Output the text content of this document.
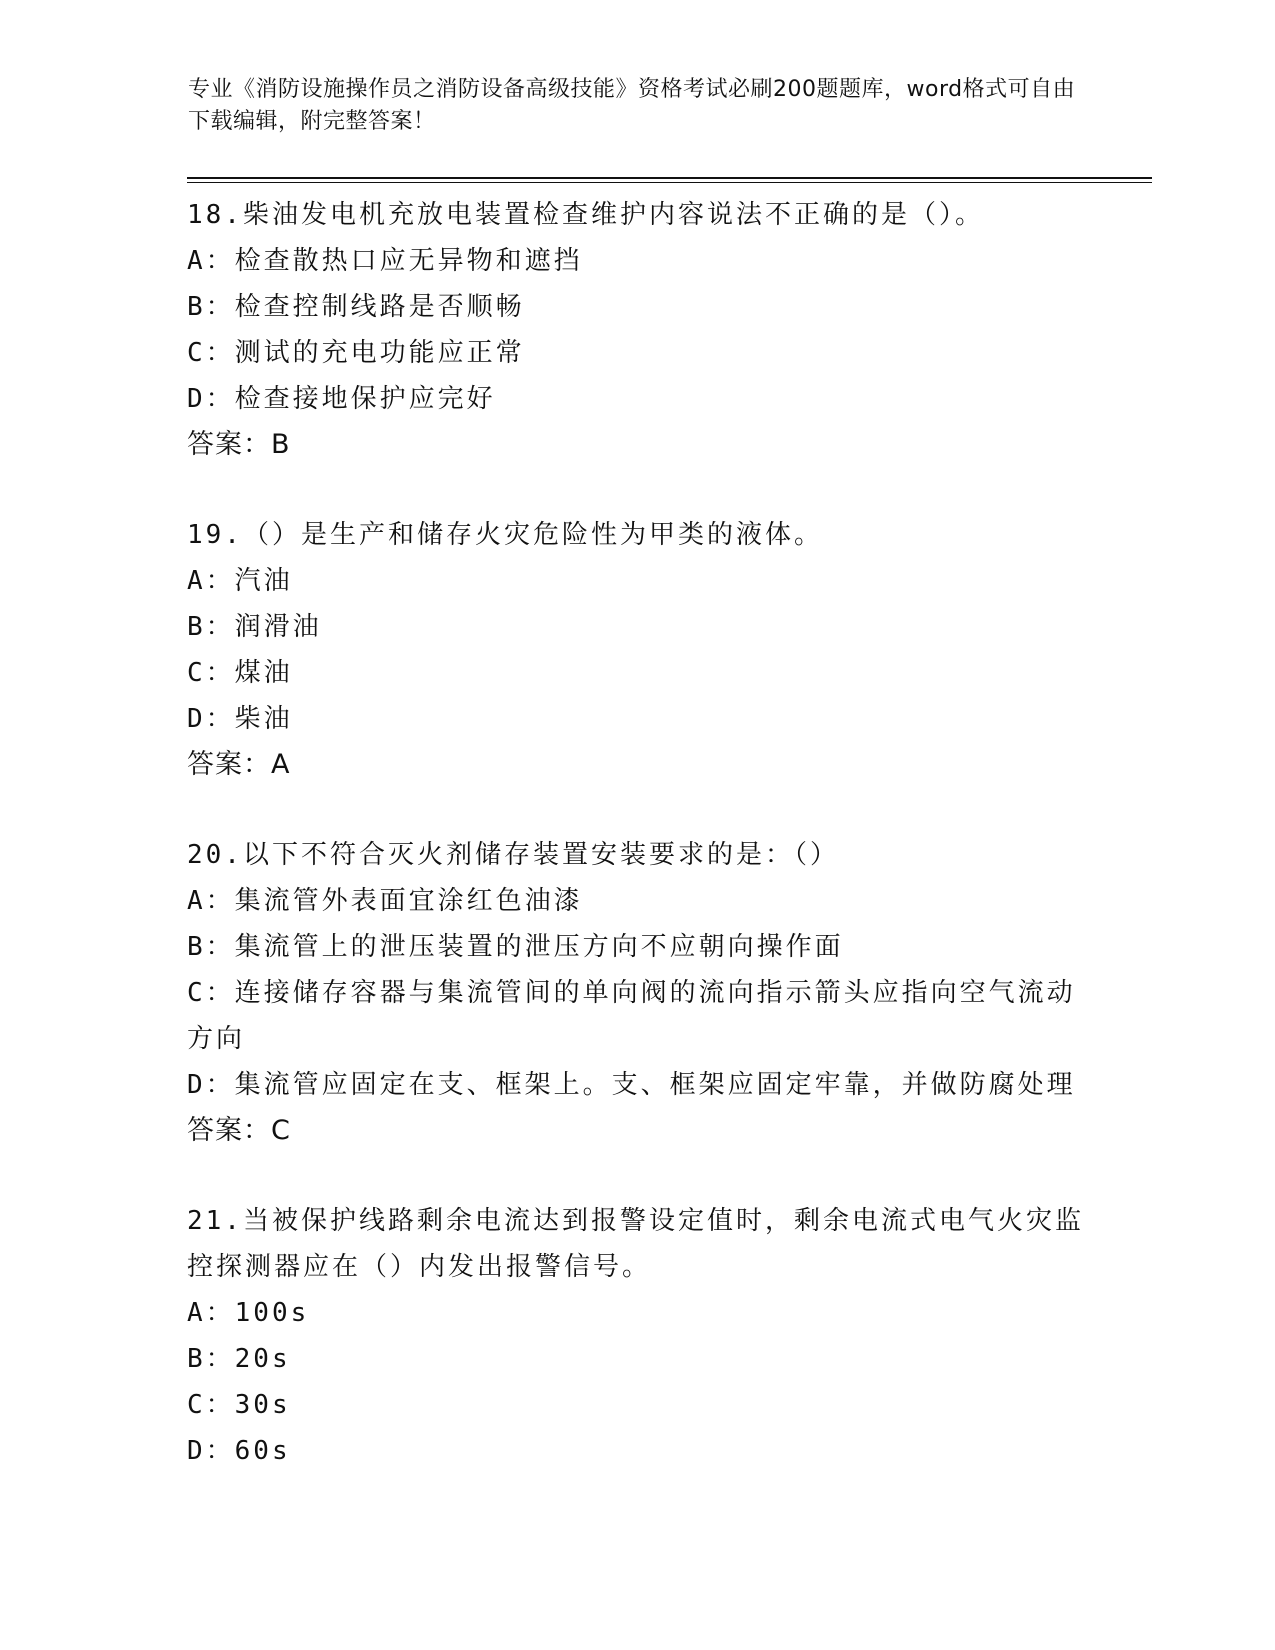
专业《消防设施操作员之消防设备高级技能》资格考试必刷200题题库，word格式可自由下载编辑，附完整答案！

18.柴油发电机充放电装置检查维护内容说法不正确的是（）。

A：检查散热口应无异物和遮挡

B：检查控制线路是否顺畅

C：测试的充电功能应正常

D：检查接地保护应完好

答案：B

19.（）是生产和储存火灾危险性为甲类的液体。

A：汽油

B：润滑油

C：煤油

D：柴油

答案：A

20.以下不符合灭火剂储存装置安装要求的是：（）

A：集流管外表面宜涂红色油漆

B：集流管上的泄压装置的泄压方向不应朝向操作面

C：连接储存容器与集流管间的单向阀的流向指示箭头应指向空气流动方向

D：集流管应固定在支、框架上。支、框架应固定牢靠，并做防腐处理

答案：C

21.当被保护线路剩余电流达到报警设定值时，剩余电流式电气火灾监控探测器应在（）内发出报警信号。

A：100s

B：20s

C：30s

D：60s
